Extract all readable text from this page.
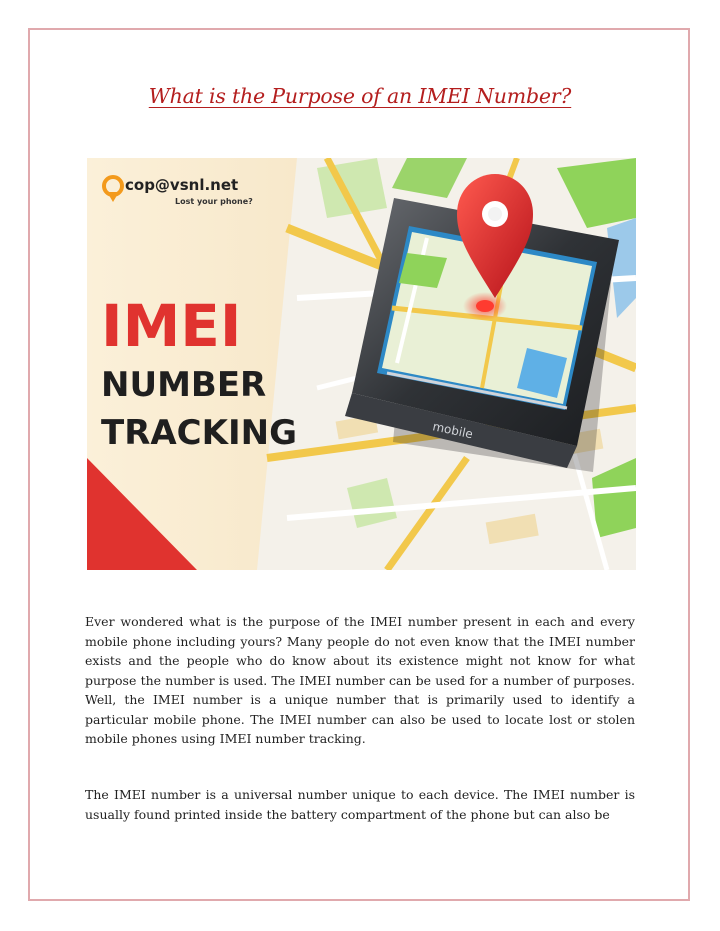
What is the Purpose of an IMEI Number?
mobile
cop@vsnl.net
Lost your phone?
IMEI
NUMBER
TRACKING

Ever wondered what is the purpose of the IMEI number present in each and every mobile phone including yours? Many people do not even know that the IMEI number exists and the people who do know about its existence might not know for what purpose the number is used. The IMEI number can be used for a number of purposes. Well, the IMEI number is a unique number that is primarily used to identify a particular mobile phone. The IMEI number can also be used to locate lost or stolen mobile phones using IMEI number tracking.

The IMEI number is a universal number unique to each device. The IMEI number is usually found printed inside the battery compartment of the phone but can also be
